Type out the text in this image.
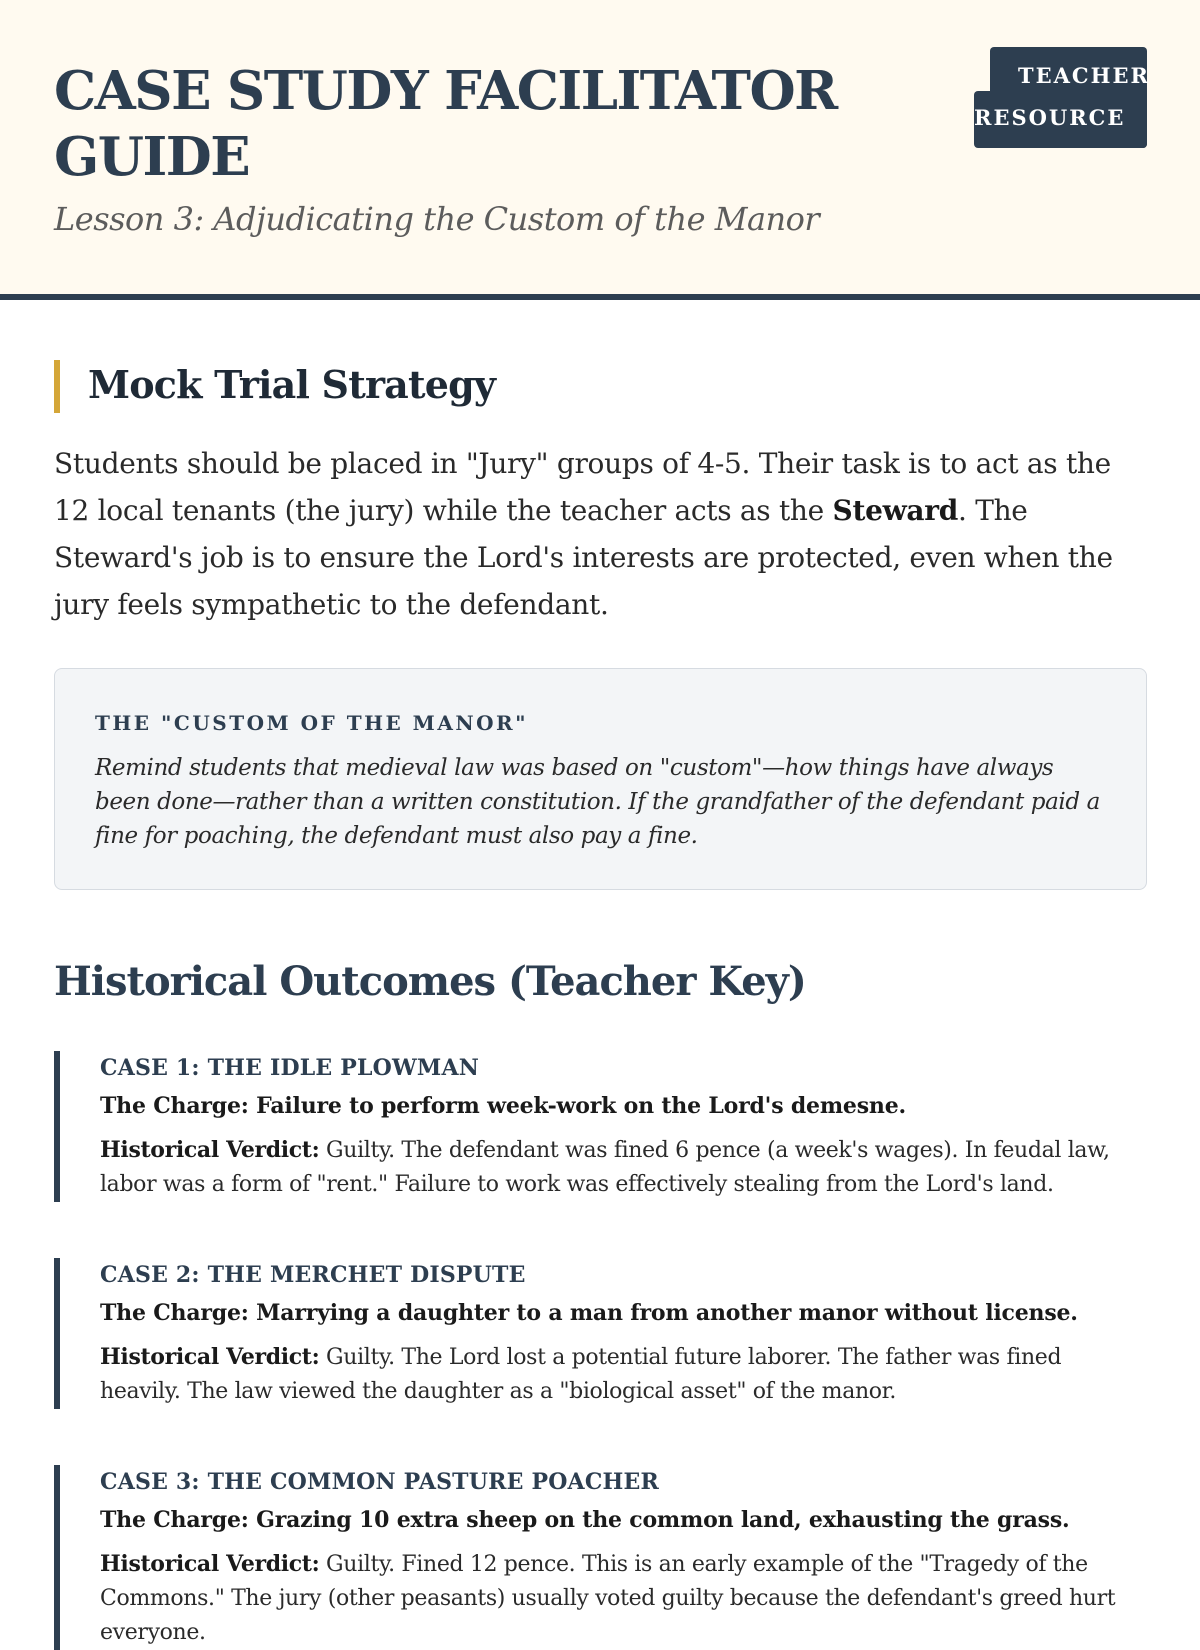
CASE STUDY FACILITATOR GUIDE
Lesson 3: Adjudicating the Custom of the Manor
TEACHER
RESOURCE
Mock Trial Strategy

Students should be placed in "Jury" groups of 4-5. Their task is to act as the 12 local tenants (the jury) while the teacher acts as the Steward. The Steward's job is to ensure the Lord's interests are protected, even when the jury feels sympathetic to the defendant.

THE "CUSTOM OF THE MANOR"

Remind students that medieval law was based on "custom"—how things have always been done—rather than a written constitution. If the grandfather of the defendant paid a fine for poaching, the defendant must also pay a fine.

Historical Outcomes (Teacher Key)
CASE 1: THE IDLE PLOWMAN
The Charge: Failure to perform week-work on the Lord's demesne.

Historical Verdict: Guilty. The defendant was fined 6 pence (a week's wages). In feudal law, labor was a form of "rent." Failure to work was effectively stealing from the Lord's land.

CASE 2: THE MERCHET DISPUTE
The Charge: Marrying a daughter to a man from another manor without license.

Historical Verdict: Guilty. The Lord lost a potential future laborer. The father was fined heavily. The law viewed the daughter as a "biological asset" of the manor.

CASE 3: THE COMMON PASTURE POACHER
The Charge: Grazing 10 extra sheep on the common land, exhausting the grass.

Historical Verdict: Guilty. Fined 12 pence. This is an early example of the "Tragedy of the Commons." The jury (other peasants) usually voted guilty because the defendant's greed hurt everyone.
